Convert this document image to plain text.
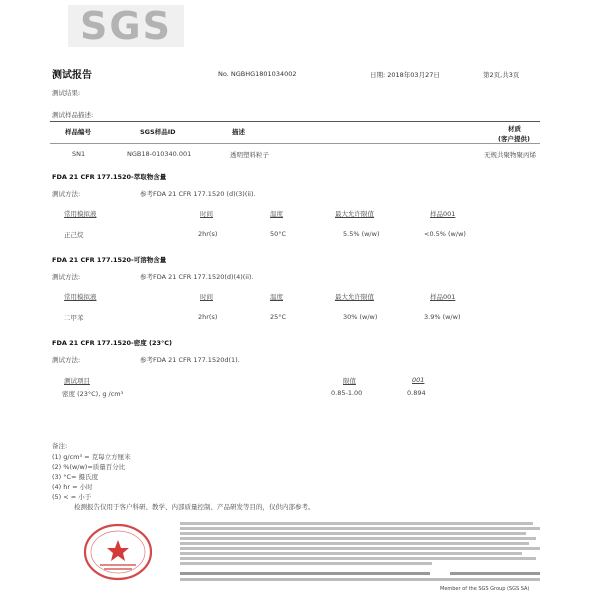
SGS
测试报告	No. NGBHG1801034002	日期: 2018年03月27日	第2页,共3页
测试结果:
测试样品描述:
样品编号	SGS样品ID	描述	材质
(客户提供)
SN1	NGB18-010340.001	透明塑料粒子	无规共聚物聚丙烯
FDA 21 CFR 177.1520-萃取物含量
测试方法:	参考FDA 21 CFR 177.1520 (d)(3)(ii).
常用模拟液	时间	温度	最大允许限值	样品001
正己烷	2hr(s)	50°C	5.5% (w/w)	<0.5% (w/w)
FDA 21 CFR 177.1520-可溶物含量
测试方法:	参考FDA 21 CFR 177.1520(d)(4)(ii).
常用模拟液	时间	温度	最大允许限值	样品001
二甲苯	2hr(s)	25°C	30% (w/w)	3.9% (w/w)
FDA 21 CFR 177.1520-密度 (23°C)
测试方法:	参考FDA 21 CFR 177.1520d(1).
测试项目	限值	001
密度 (23°C), g /cm³	0.85-1.00	0.894
备注:
(1) g/cm³ = 克每立方厘米
(2) %(w/w)=质量百分比
(3) °C= 摄氏度
(4) hr = 小时
(5) < = 小于
检测报告仅用于客户科研、教学、内部质量控制、产品研发等目的，仅供内部参考。
Member of the SGS Group (SGS SA)
